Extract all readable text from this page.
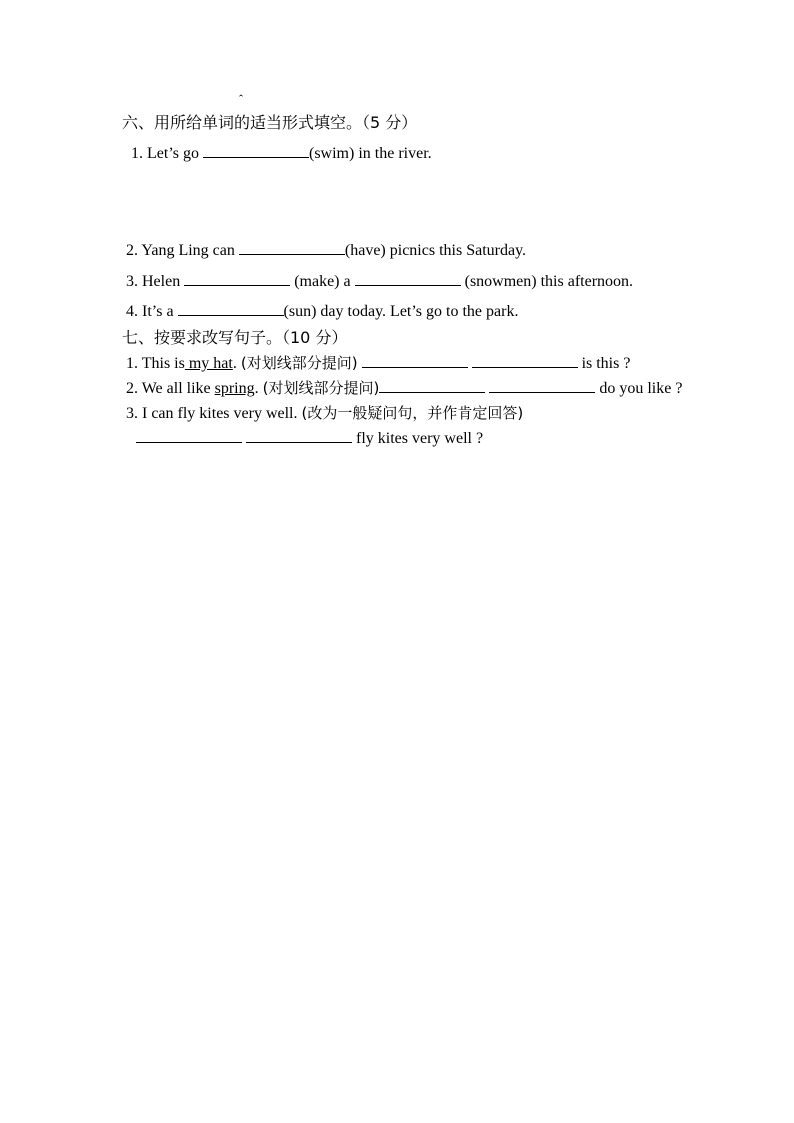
ˆ
六、用所给单词的适当形式填空。（5 分）
1. Let’s go	(swim) in the river.
2. Yang Ling can	(have) picnics this Saturday.
3. Helen	(make) a	(snowmen) this afternoon.
4. It’s a	(sun) day today. Let’s go to the park.
七、按要求改写句子。（10 分）
1. This is my hat. (对划线部分提问)	is this ?
2. We all like spring. (对划线部分提问)	do you like ?
3. I can fly kites very well. (改为一般疑问句，并作肯定回答)
fly kites very well ?
